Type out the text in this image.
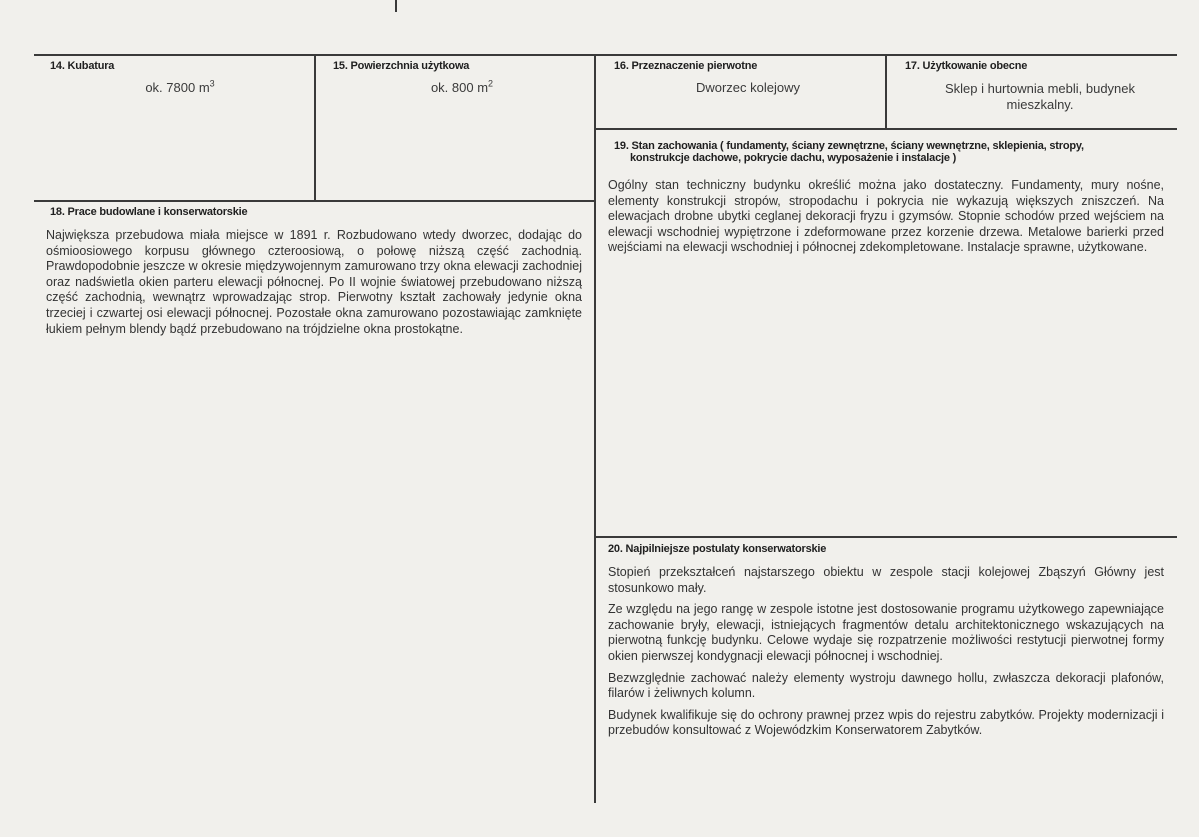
14. Kubatura
ok. 7800 $m^3$
15. Powierzchnia użytkowa
ok. 800 $m^2$
16. Przeznaczenie pierwotne
Dworzec kolejowy
17. Użytkowanie obecne
Sklep i hurtownia mebli, budynek
mieszkalny.
19. Stan zachowania ( fundamenty, ściany zewnętrzne, ściany wewnętrzne, sklepienia, stropy,
konstrukcje dachowe, pokrycie dachu, wyposażenie i instalacje )
Ogólny stan techniczny budynku określić można jako dostateczny. Fundamenty, mury nośne, elementy konstrukcji stropów, stropodachu i pokrycia nie wykazują większych zniszczeń. Na elewacjach drobne ubytki ceglanej dekoracji fryzu i gzymsów. Stopnie schodów przed wejściem na elewacji wschodniej wypiętrzone i zdeformowane przez korzenie drzewa. Metalowe barierki przed wejściami na elewacji wschodniej i północnej zdekompletowane. Instalacje sprawne, użytkowane.
18. Prace budowlane i konserwatorskie
Największa przebudowa miała miejsce w 1891 r. Rozbudowano wtedy dworzec, dodając do ośmioosiowego korpusu głównego czteroosiową, o połowę niższą część zachodnią. Prawdopodobnie jeszcze w okresie międzywojennym zamurowano trzy okna elewacji zachodniej oraz nadświetla okien parteru elewacji północnej. Po II wojnie światowej przebudowano niższą część zachodnią, wewnątrz wprowadzając strop. Pierwotny kształt zachowały jedynie okna trzeciej i czwartej osi elewacji północnej. Pozostałe okna zamurowano pozostawiając zamknięte łukiem pełnym blendy bądź przebudowano na trójdzielne okna prostokątne.
20. Najpilniejsze postulaty konserwatorskie

Stopień przekształceń najstarszego obiektu w zespole stacji kolejowej Zbąszyń Główny jest stosunkowo mały.

Ze względu na jego rangę w zespole istotne jest dostosowanie programu użytkowego zapewniające zachowanie bryły, elewacji, istniejących fragmentów detalu architektonicznego wskazujących na pierwotną funkcję budynku. Celowe wydaje się rozpatrzenie możliwości restytucji pierwotnej formy okien pierwszej kondygnacji elewacji północnej i wschodniej.

Bezwzględnie zachować należy elementy wystroju dawnego hollu, zwłaszcza dekoracji plafonów, filarów i żeliwnych kolumn.

Budynek kwalifikuje się do ochrony prawnej przez wpis do rejestru zabytków. Projekty modernizacji i przebudów konsultować z Wojewódzkim Konserwatorem Zabytków.
